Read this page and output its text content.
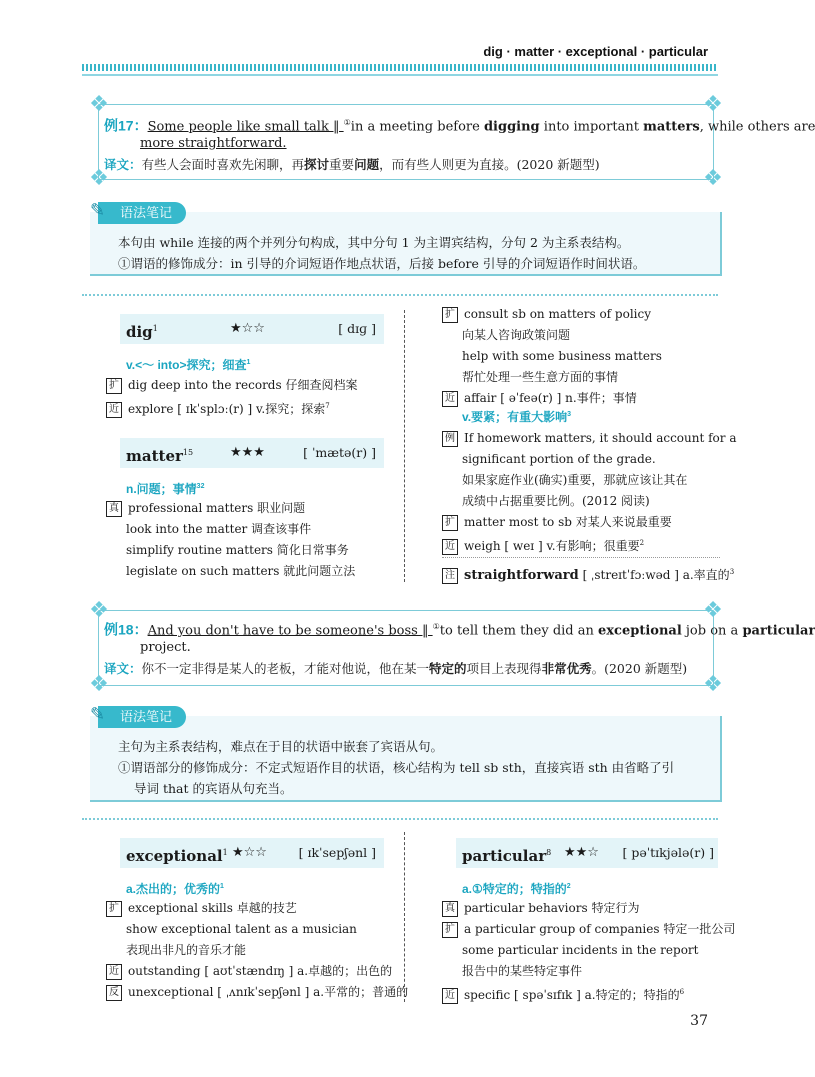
dig · matter · exceptional · particular
❖	❖
❖	❖
例17：Some people like small talk ‖ ①in a meeting before digging into important matters, while others are
more straightforward.
译文：有些人会面时喜欢先闲聊，再探讨重要问题，而有些人则更为直接。(2020 新题型)
语法笔记
✎
本句由 while 连接的两个并列分句构成，其中分句 1 为主谓宾结构，分句 2 为主系表结构。
①谓语的修饰成分：in 引导的介词短语作地点状语，后接 before 引导的介词短语作时间状语。
dig$^1$	★☆☆	[ dɪɡ ]
v.<～ into>探究；细查$^1$
扩 dig deep into the records 仔细查阅档案
近 explore [ ɪkˈsplɔː(r) ] v.探究；探索$^7$
matter$^{15}$	★★★	[ ˈmætə(r) ]
n.问题；事情$^{32}$
真 professional matters 职业问题
look into the matter 调查该事件
simplify routine matters 简化日常事务
legislate on such matters 就此问题立法
扩 consult sb on matters of policy
向某人咨询政策问题
help with some business matters
帮忙处理一些生意方面的事情
近 affair [ əˈfeə(r) ] n.事件；事情
v.要紧；有重大影响$^3$
例 If homework matters, it should account for a
significant portion of the grade.
如果家庭作业(确实)重要，那就应该让其在
成绩中占据重要比例。(2012 阅读)
扩 matter most to sb 对某人来说最重要
近 weigh [ weɪ ] v.有影响；很重要$^2$
注 straightforward [ ˌstreɪtˈfɔːwəd ] a.率直的$^3$
❖	❖
❖	❖
例18：And you don't have to be someone's boss ‖ ①to tell them they did an exceptional job on a particular
project.
译文：你不一定非得是某人的老板，才能对他说，他在某一特定的项目上表现得非常优秀。(2020 新题型)
语法笔记
✎
主句为主系表结构，难点在于目的状语中嵌套了宾语从句。
①谓语部分的修饰成分：不定式短语作目的状语，核心结构为 tell sb sth，直接宾语 sth 由省略了引
导词 that 的宾语从句充当。
exceptional$^1$ ★☆☆	[ ɪkˈsepʃənl ]
a.杰出的；优秀的$^1$
扩 exceptional skills 卓越的技艺
show exceptional talent as a musician
表现出非凡的音乐才能
近 outstanding [ aʊtˈstændɪŋ ] a.卓越的；出色的
反 unexceptional [ ˌʌnɪkˈsepʃənl ] a.平常的；普通的
particular$^8$ ★★☆ [ pəˈtɪkjələ(r) ]
a.①特定的；特指的$^2$
真 particular behaviors 特定行为
扩 a particular group of companies 特定一批公司
some particular incidents in the report
报告中的某些特定事件
近 specific [ spəˈsɪfɪk ] a.特定的；特指的$^6$
37
